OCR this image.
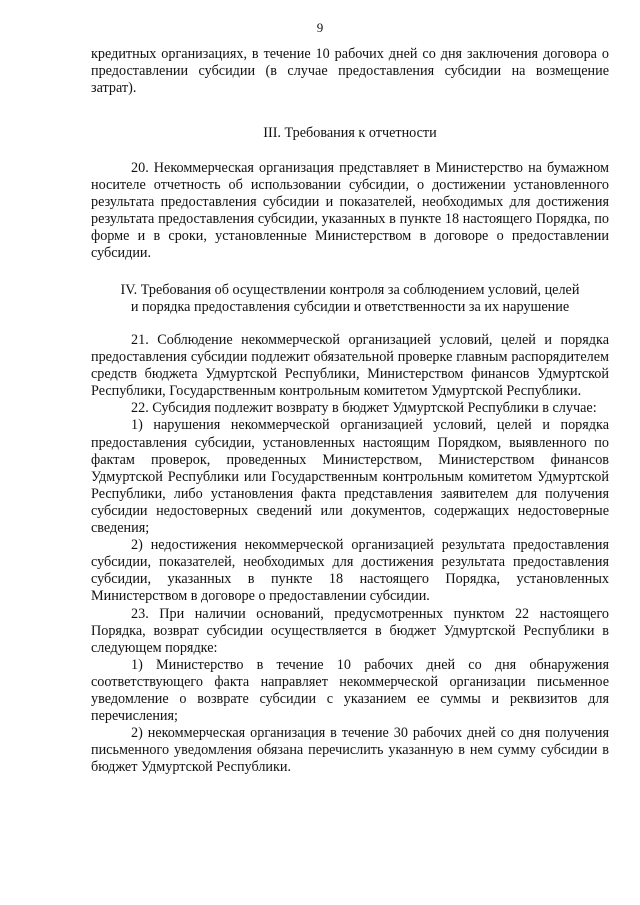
9

кредитных организациях, в течение 10 рабочих дней со дня заключения договора о предоставлении субсидии (в случае предоставления субсидии на возмещение затрат).

III. Требования к отчетности

20. Некоммерческая организация представляет в Министерство на бумажном носителе отчетность об использовании субсидии, о достижении установленного результата предоставления субсидии и показателей, необходимых для достижения результата предоставления субсидии, указанных в пункте 18 настоящего Порядка, по форме и в сроки, установленные Министерством в договоре о предоставлении субсидии.

IV. Требования об осуществлении контроля за соблюдением условий, целей
и порядка предоставления субсидии и ответственности за их нарушение

21. Соблюдение некоммерческой организацией условий, целей и порядка предоставления субсидии подлежит обязательной проверке главным распорядителем средств бюджета Удмуртской Республики, Министерством финансов Удмуртской Республики, Государственным контрольным комитетом Удмуртской Республики.

22. Субсидия подлежит возврату в бюджет Удмуртской Республики в случае:

1) нарушения некоммерческой организацией условий, целей и порядка предоставления субсидии, установленных настоящим Порядком, выявленного по фактам проверок, проведенных Министерством, Министерством финансов Удмуртской Республики или Государственным контрольным комитетом Удмуртской Республики, либо установления факта представления заявителем для получения субсидии недостоверных сведений или документов, содержащих недостоверные сведения;

2) недостижения некоммерческой организацией результата предоставления субсидии, показателей, необходимых для достижения результата предоставления субсидии, указанных в пункте 18 настоящего Порядка, установленных Министерством в договоре о предоставлении субсидии.

23. При наличии оснований, предусмотренных пунктом 22 настоящего Порядка, возврат субсидии осуществляется в бюджет Удмуртской Республики в следующем порядке:

1) Министерство в течение 10 рабочих дней со дня обнаружения соответствующего факта направляет некоммерческой организации письменное уведомление о возврате субсидии с указанием ее суммы и реквизитов для перечисления;

2) некоммерческая организация в течение 30 рабочих дней со дня получения письменного уведомления обязана перечислить указанную в нем сумму субсидии в бюджет Удмуртской Республики.
